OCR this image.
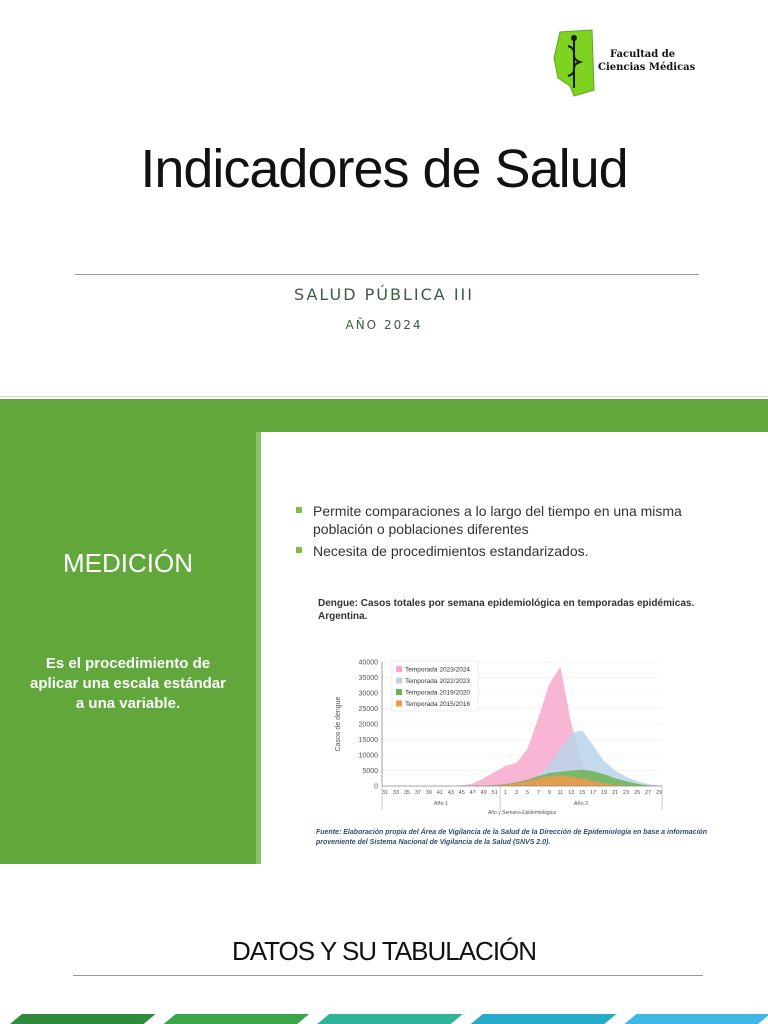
Facultad de
Ciencias Médicas
Indicadores de Salud
SALUD PÚBLICA III
AÑO 2024
MEDICIÓN
Es el procedimiento de aplicar una escala estándar a una variable.
Permite comparaciones a lo largo del tiempo en una misma población o poblaciones diferentes
Necesita de procedimientos estandarizados.
Dengue: Casos totales por semana epidemiológica en temporadas epidémicas. Argentina.
0
5000
10000
15000
20000
25000
30000
35000
40000
31 33 35 37 39 41 43 45 47 49 51 1 3 5 7 9 11 13 15 17 19 21 23 25 27 29
Año 1	Año 2
Año y Semana Epidemiológica
Casos de dengue
Temporada 2023/2024
Temporada 2022/2023
Temporada 2019/2020
Temporada 2015/2016
Fuente: Elaboración propia del Área de Vigilancia de la Salud de la Dirección de Epidemiología en base a información proveniente del Sistema Nacional de Vigilancia de la Salud (SNVS 2.0).
DATOS Y SU TABULACIÓN
